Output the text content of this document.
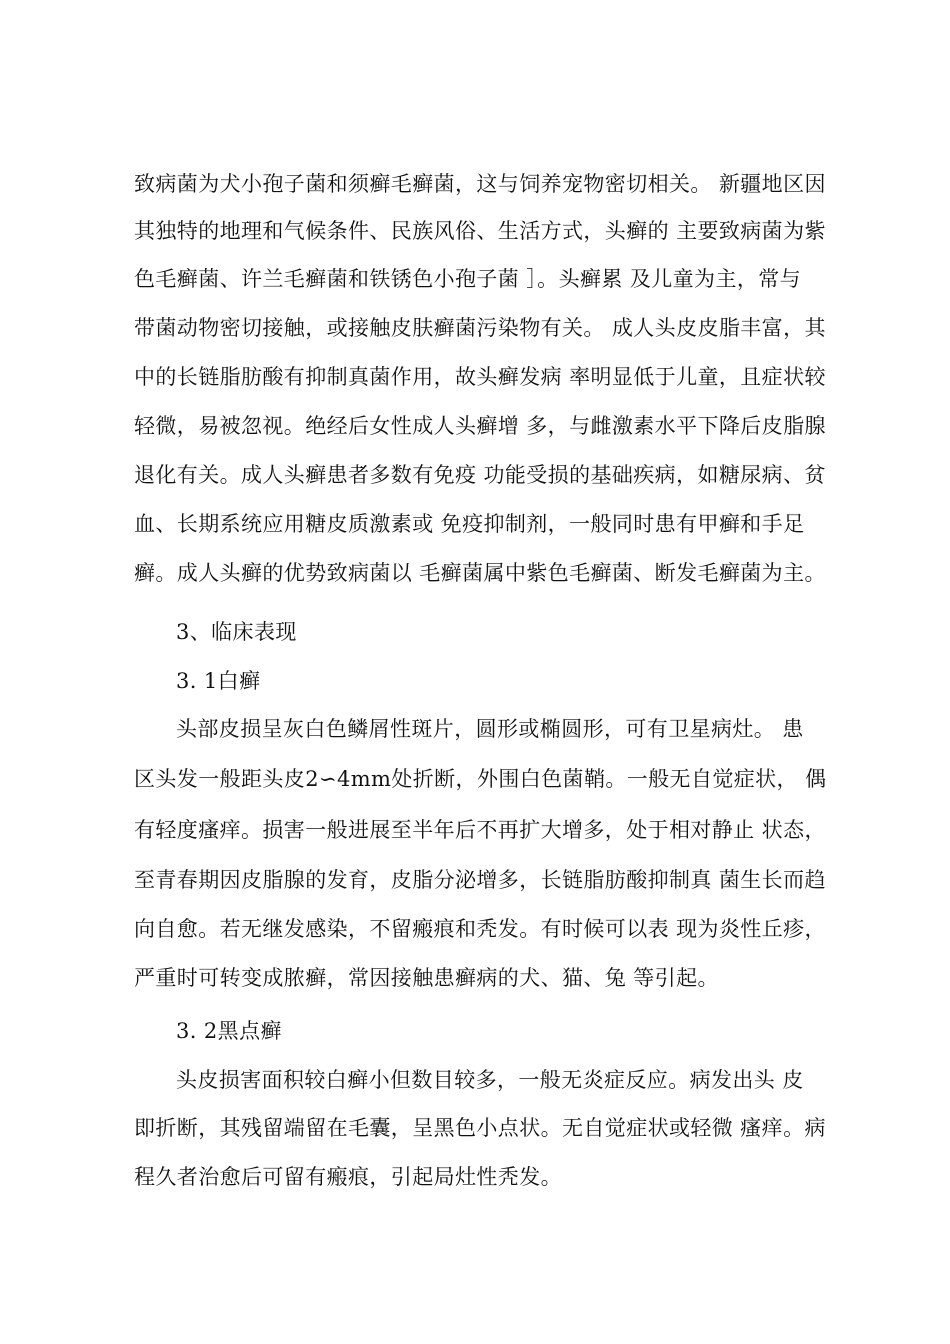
致病菌为犬小孢子菌和须癣毛癣菌，这与饲养宠物密切相关。 新疆地区因
其独特的地理和气候条件、民族风俗、生活方式，头癣的 主要致病菌为紫
色毛癣菌、许兰毛癣菌和铁锈色小孢子菌 ］。头癣累 及儿童为主，常与
带菌动物密切接触，或接触皮肤癣菌污染物有关。 成人头皮皮脂丰富，其
中的长链脂肪酸有抑制真菌作用，故头癣发病 率明显低于儿童，且症状较
轻微，易被忽视。绝经后女性成人头癣增 多，与雌激素水平下降后皮脂腺
退化有关。成人头癣患者多数有免疫 功能受损的基础疾病，如糖尿病、贫
血、长期系统应用糖皮质激素或 免疫抑制剂，一般同时患有甲癣和手足
癣。成人头癣的优势致病菌以 毛癣菌属中紫色毛癣菌、断发毛癣菌为主。
3、临床表现
3. 1白癣
头部皮损呈灰白色鳞屑性斑片，圆形或椭圆形，可有卫星病灶。 患
区头发一般距头皮2∽4mm处折断，外围白色菌鞘。一般无自觉症状， 偶
有轻度瘙痒。损害一般进展至半年后不再扩大增多，处于相对静止 状态，
至青春期因皮脂腺的发育，皮脂分泌增多，长链脂肪酸抑制真 菌生长而趋
向自愈。若无继发感染，不留瘢痕和秃发。有时候可以表 现为炎性丘疹，
严重时可转变成脓癣，常因接触患癣病的犬、猫、兔 等引起。
3. 2黑点癣
头皮损害面积较白癣小但数目较多，一般无炎症反应。病发出头 皮
即折断，其残留端留在毛囊，呈黑色小点状。无自觉症状或轻微 瘙痒。病
程久者治愈后可留有瘢痕，引起局灶性秃发。
